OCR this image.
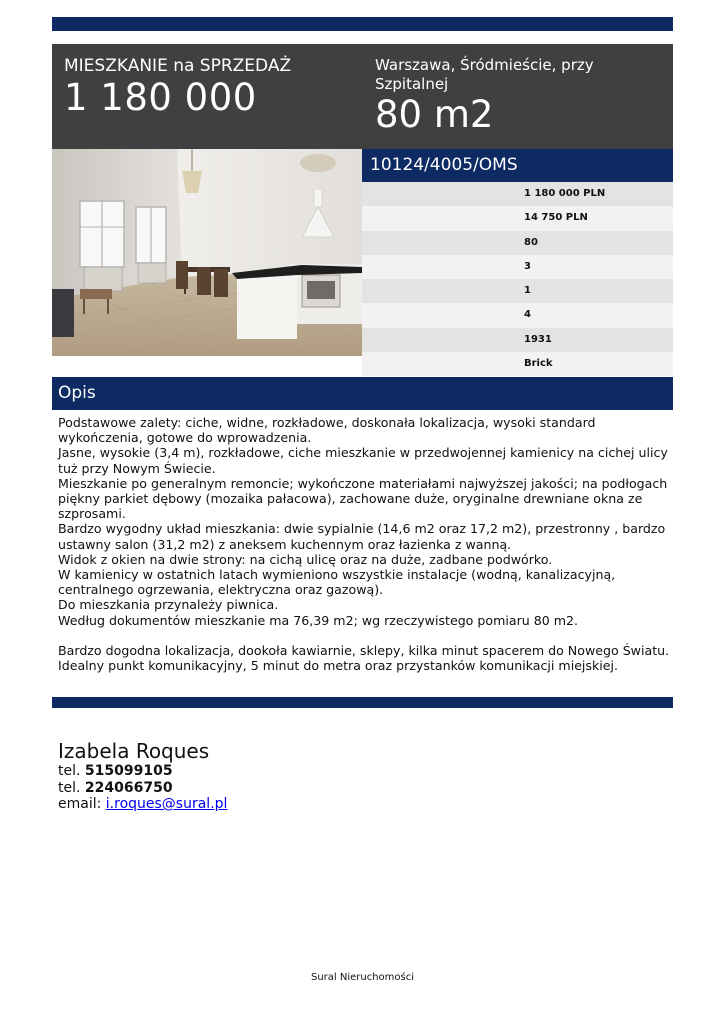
MIESZKANIE na SPRZEDAŻ
1 180 000
Warszawa, Śródmieście, przy Szpitalnej
80 m2
10124/4005/OMS
1 180 000 PLN
14 750 PLN
80
3
1
4
1931
Brick
Opis

Podstawowe zalety: ciche, widne, rozkładowe, doskonała lokalizacja, wysoki standard wykończenia, gotowe do wprowadzenia.

Jasne, wysokie (3,4 m), rozkładowe, ciche mieszkanie w przedwojennej kamienicy na cichej ulicy tuż przy Nowym Świecie.

Mieszkanie po generalnym remoncie; wykończone materiałami najwyższej jakości; na podłogach piękny parkiet dębowy (mozaika pałacowa), zachowane duże, oryginalne drewniane okna ze szprosami.

Bardzo wygodny układ mieszkania: dwie sypialnie (14,6 m2 oraz 17,2 m2), przestronny , bardzo ustawny salon (31,2 m2) z aneksem kuchennym oraz łazienka z wanną.

Widok z okien na dwie strony: na cichą ulicę oraz na duże, zadbane podwórko.

W kamienicy w ostatnich latach wymieniono wszystkie instalacje (wodną, kanalizacyjną, centralnego ogrzewania, elektryczna oraz gazową).

Do mieszkania przynależy piwnica.

Według dokumentów mieszkanie ma 76,39 m2; wg rzeczywistego pomiaru 80 m2.

Bardzo dogodna lokalizacja, dookoła kawiarnie, sklepy, kilka minut spacerem do Nowego Światu.

Idealny punkt komunikacyjny, 5 minut do metra oraz przystanków komunikacji miejskiej.

Izabela Roques
tel. 515099105
tel. 224066750
email: i.roques@sural.pl
Sural Nieruchomości
